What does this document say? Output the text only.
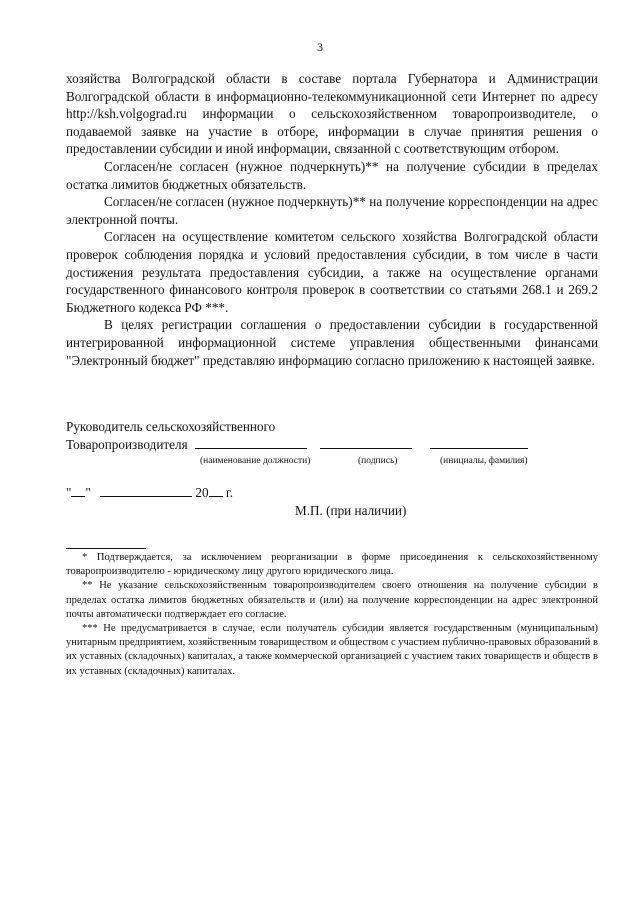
3

хозяйства Волгоградской области в составе портала Губернатора и Администрации Волгоградской области в информационно-телекоммуникационной сети Интернет по адресу http://ksh.volgograd.ru информации о сельскохозяйственном товаропроизводителе, о подаваемой заявке на участие в отборе, информации в случае принятия решения о предоставлении субсидии и иной информации, связанной с соответствующим отбором.

Согласен/не согласен (нужное подчеркнуть)** на получение субсидии в пределах остатка лимитов бюджетных обязательств.

Согласен/не согласен (нужное подчеркнуть)** на получение корреспонденции на адрес электронной почты.

Согласен на осуществление комитетом сельского хозяйства Волгоградской области проверок соблюдения порядка и условий предоставления субсидии, в том числе в части достижения результата предоставления субсидии, а также на осуществление органами государственного финансового контроля проверок в соответствии со статьями 268.1 и 269.2 Бюджетного кодекса РФ ***.

В целях регистрации соглашения о предоставлении субсидии в государственной интегрированной информационной системе управления общественными финансами "Электронный бюджет" представляю информацию согласно приложению к настоящей заявке.

Руководитель сельскохозяйственного
Товаропроизводителя
(наименование должности)	(подпись)	(инициалы, фамилия)
" "	20 г.
М.П. (при наличии)

* Подтверждается, за исключением реорганизации в форме присоединения к сельскохозяйственному товаропроизводителю - юридическому лицу другого юридического лица.

** Не указание сельскохозяйственным товаропроизводителем своего отношения на получение субсидии в пределах остатка лимитов бюджетных обязательств и (или) на получение корреспонденции на адрес электронной почты автоматически подтверждает его согласие.

*** Не предусматривается в случае, если получатель субсидии является государственным (муниципальным) унитарным предприятием, хозяйственным товариществом и обществом с участием публично-правовых образований в их уставных (складочных) капиталах, а также коммерческой организацией с участием таких товариществ и обществ в их уставных (складочных) капиталах.
